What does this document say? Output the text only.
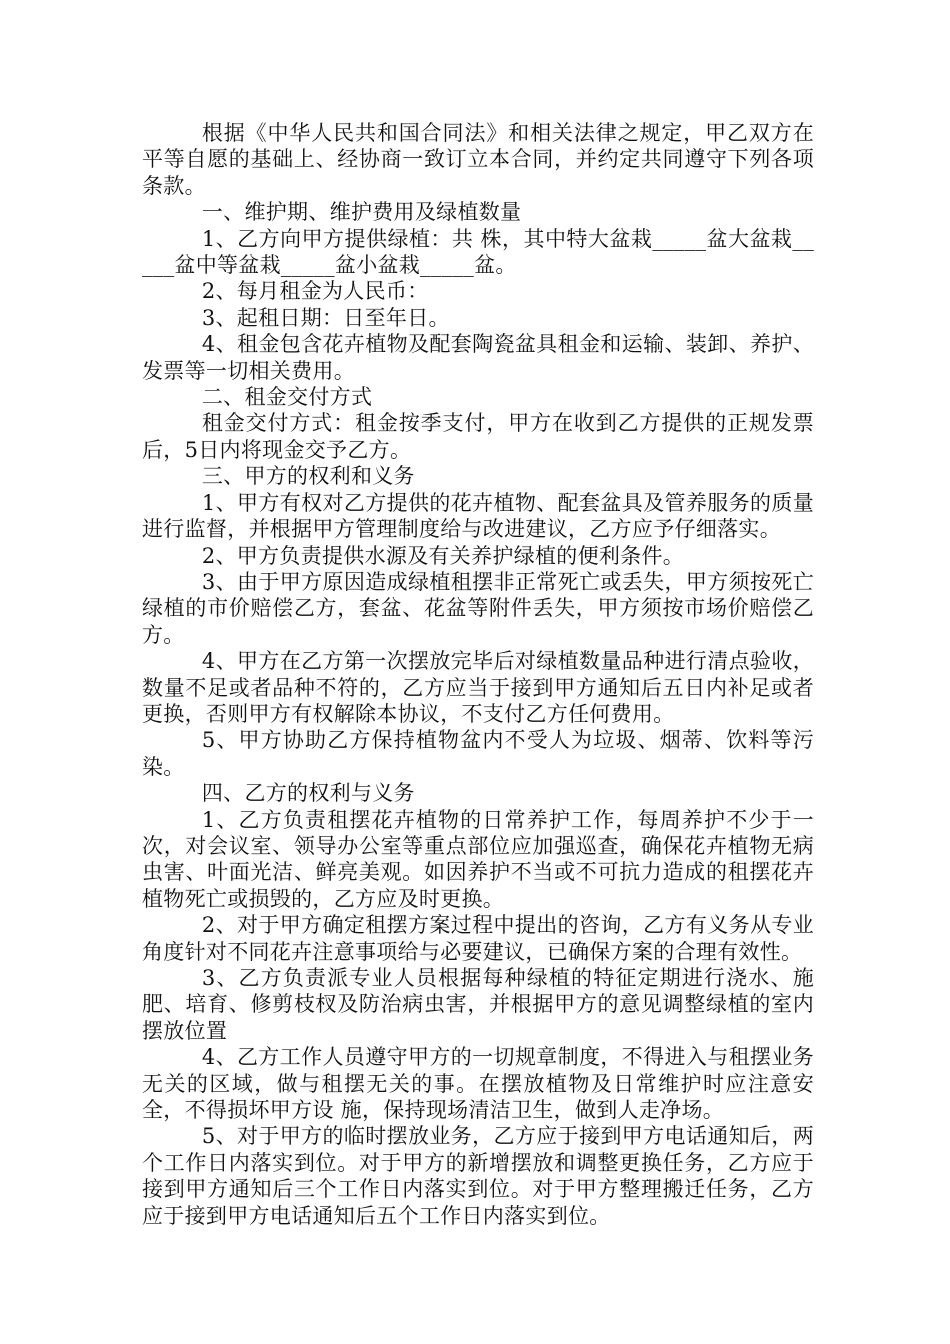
根据《中华人民共和国合同法》和相关法律之规定，甲乙双方在平等自愿的基础上、经协商一致订立本合同，并约定共同遵守下列各项条款。

一、维护期、维护费用及绿植数量

1、乙方向甲方提供绿植：共 株，其中特大盆栽_____盆大盆栽_____盆中等盆栽_____盆小盆栽_____盆。

2、每月租金为人民币：

3、起租日期：日至年日。

4、租金包含花卉植物及配套陶瓷盆具租金和运输、装卸、养护、发票等一切相关费用。

二、租金交付方式

租金交付方式：租金按季支付，甲方在收到乙方提供的正规发票后，5日内将现金交予乙方。

三、甲方的权利和义务

1、甲方有权对乙方提供的花卉植物、配套盆具及管养服务的质量进行监督，并根据甲方管理制度给与改进建议，乙方应予仔细落实。

2、甲方负责提供水源及有关养护绿植的便利条件。

3、由于甲方原因造成绿植租摆非正常死亡或丢失，甲方须按死亡绿植的市价赔偿乙方，套盆、花盆等附件丢失，甲方须按市场价赔偿乙方。

4、甲方在乙方第一次摆放完毕后对绿植数量品种进行清点验收，数量不足或者品种不符的，乙方应当于接到甲方通知后五日内补足或者更换，否则甲方有权解除本协议，不支付乙方任何费用。

5、甲方协助乙方保持植物盆内不受人为垃圾、烟蒂、饮料等污染。

四、乙方的权利与义务

1、乙方负责租摆花卉植物的日常养护工作，每周养护不少于一次，对会议室、领导办公室等重点部位应加强巡查，确保花卉植物无病虫害、叶面光洁、鲜亮美观。如因养护不当或不可抗力造成的租摆花卉植物死亡或损毁的，乙方应及时更换。

2、对于甲方确定租摆方案过程中提出的咨询，乙方有义务从专业角度针对不同花卉注意事项给与必要建议，已确保方案的合理有效性。

3、乙方负责派专业人员根据每种绿植的特征定期进行浇水、施肥、培育、修剪枝杈及防治病虫害，并根据甲方的意见调整绿植的室内摆放位置

4、乙方工作人员遵守甲方的一切规章制度，不得进入与租摆业务无关的区域，做与租摆无关的事。在摆放植物及日常维护时应注意安全，不得损坏甲方设 施，保持现场清洁卫生，做到人走净场。

5、对于甲方的临时摆放业务，乙方应于接到甲方电话通知后，两个工作日内落实到位。对于甲方的新增摆放和调整更换任务，乙方应于接到甲方通知后三个工作日内落实到位。对于甲方整理搬迁任务，乙方应于接到甲方电话通知后五个工作日内落实到位。
